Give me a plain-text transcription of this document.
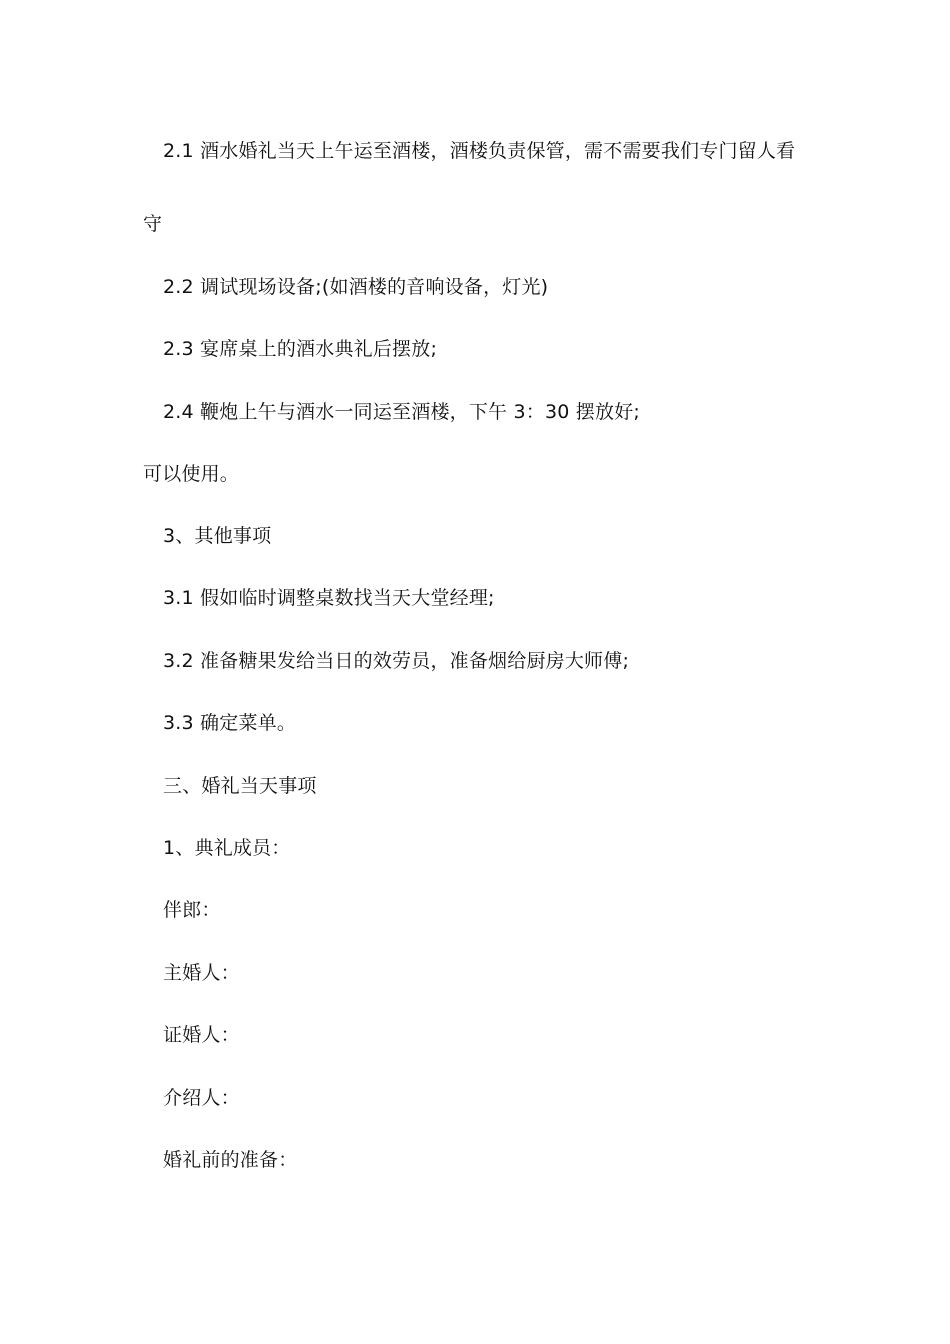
2.1 酒水婚礼当天上午运至酒楼，酒楼负责保管，需不需要我们专门留人看
守
2.2 调试现场设备;(如酒楼的音响设备，灯光)
2.3 宴席桌上的酒水典礼后摆放;
2.4 鞭炮上午与酒水一同运至酒楼，下午 3：30 摆放好;
可以使用。
3、其他事项
3.1 假如临时调整桌数找当天大堂经理;
3.2 准备糖果发给当日的效劳员，准备烟给厨房大师傅;
3.3 确定菜单。
三、婚礼当天事项
1、典礼成员：
伴郎：
主婚人：
证婚人：
介绍人：
婚礼前的准备：
